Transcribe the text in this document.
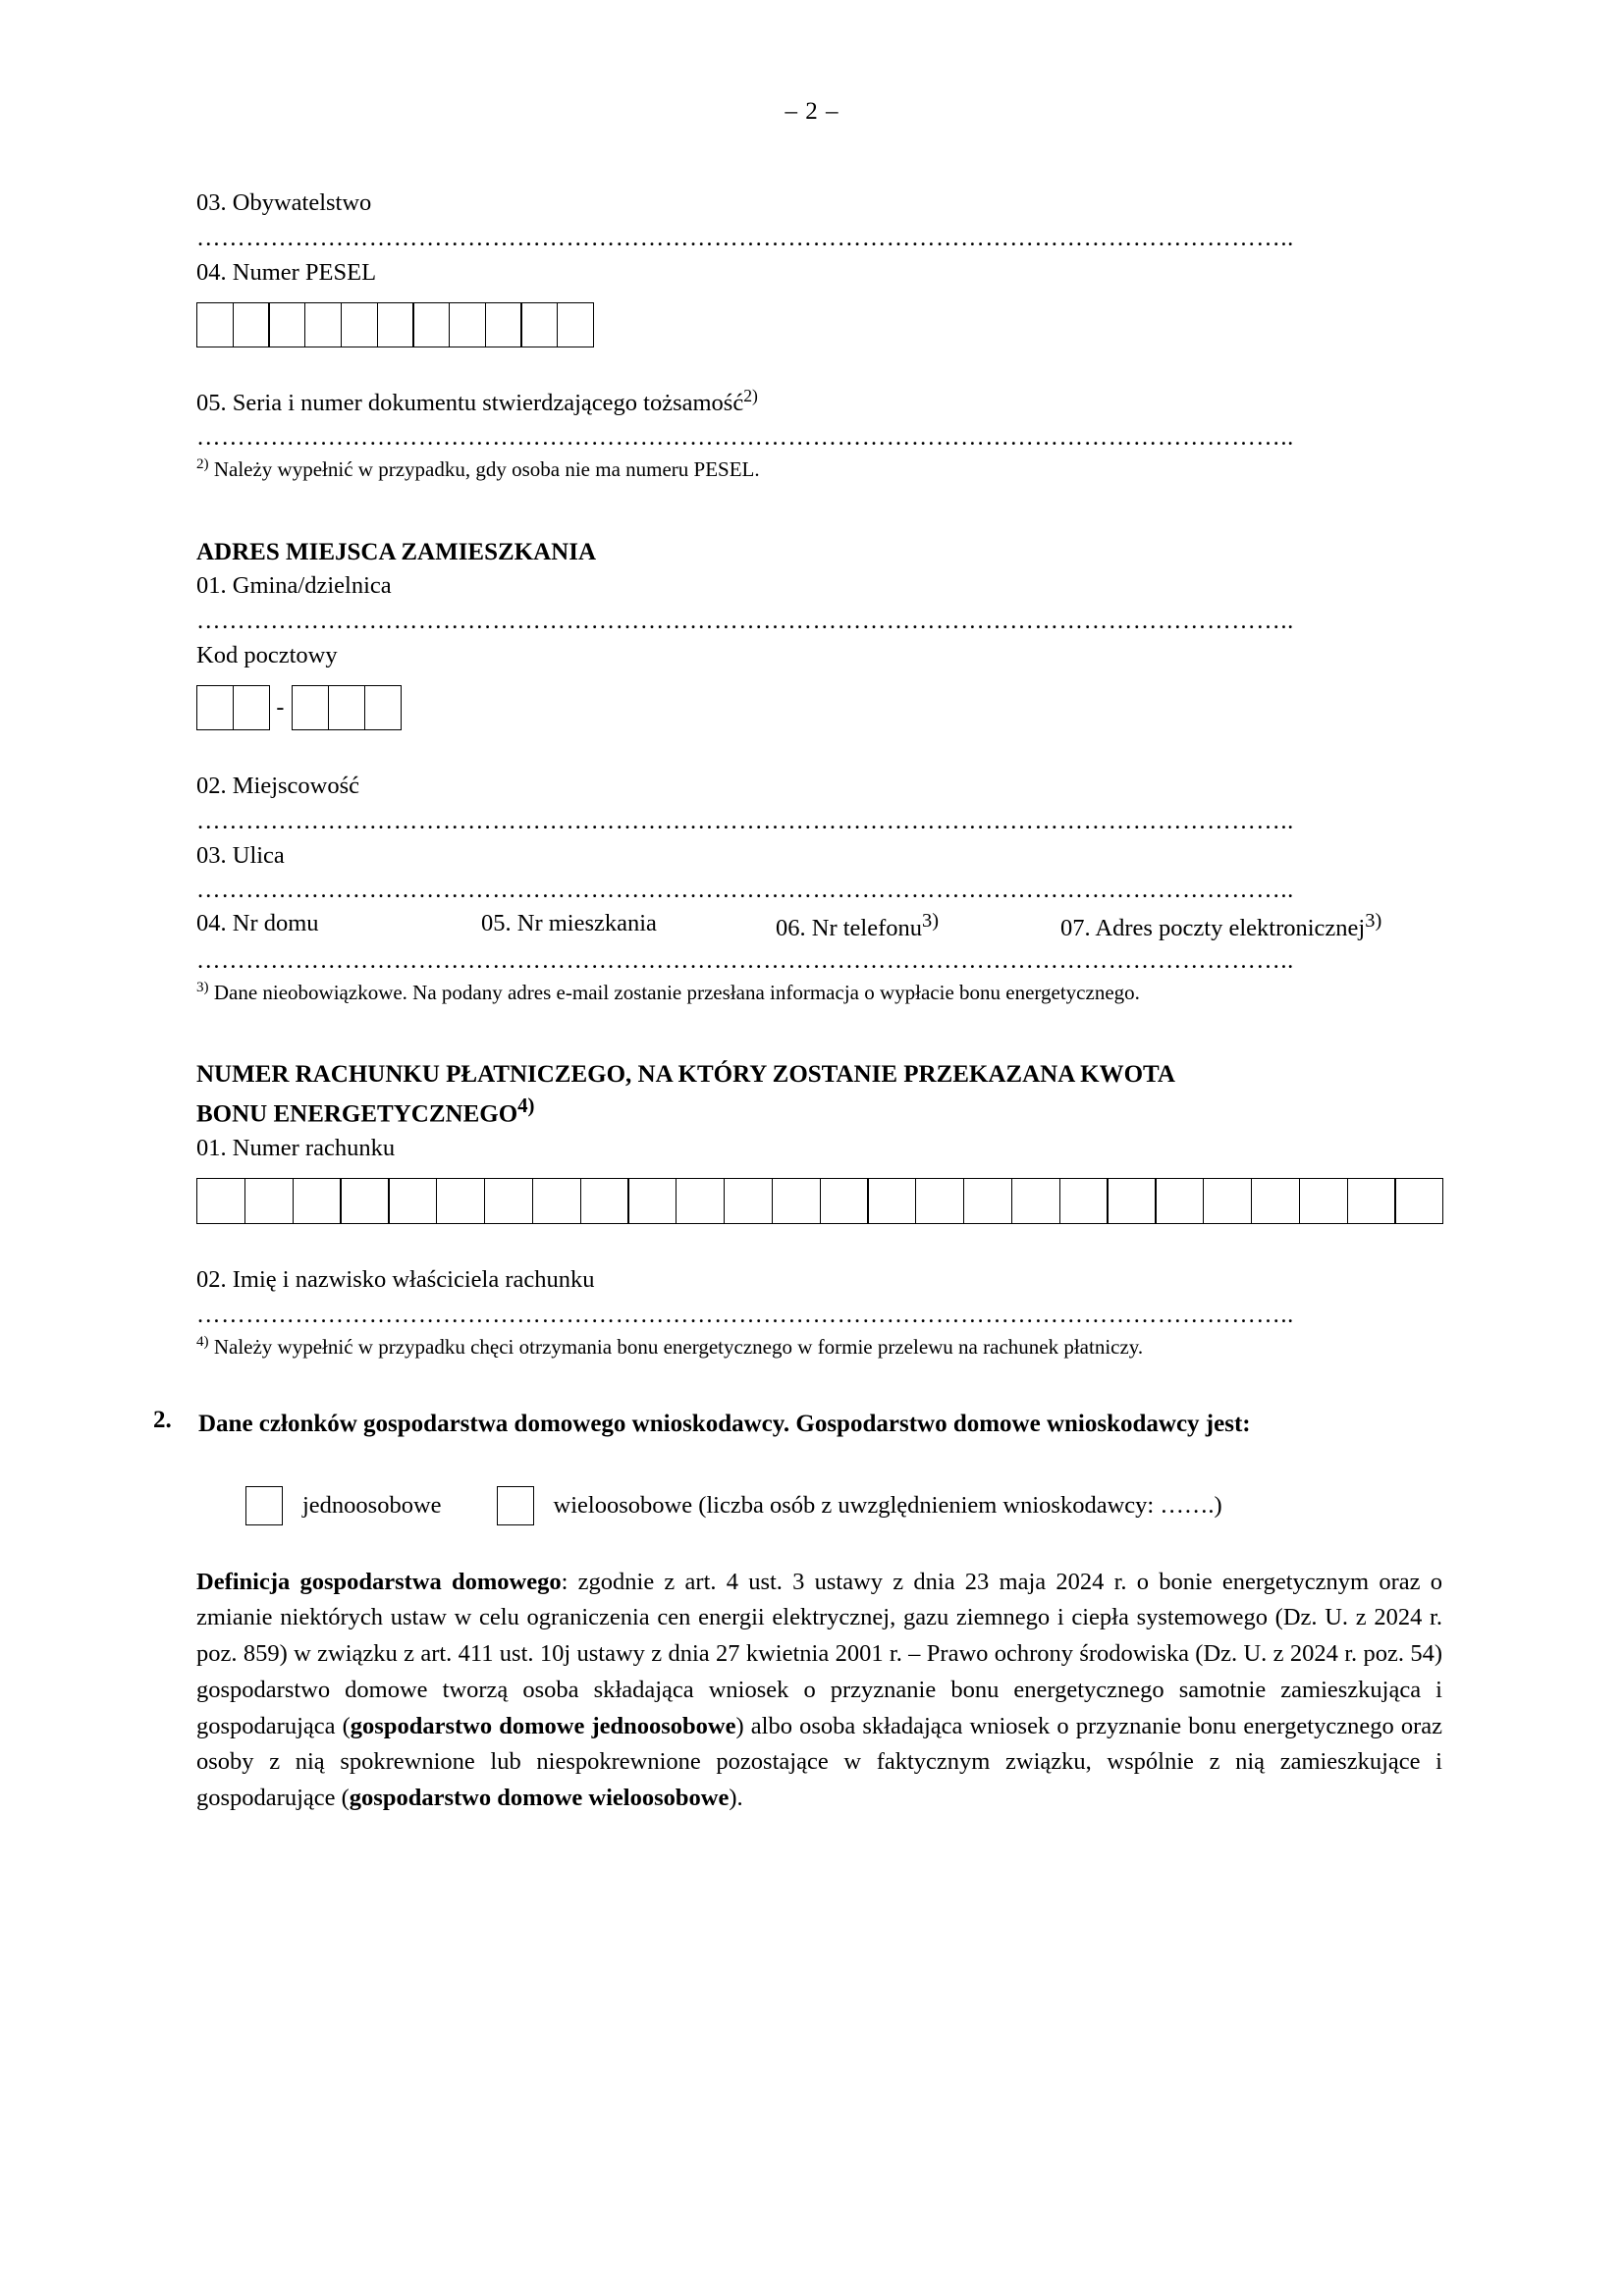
– 2 –

03. Obywatelstwo

……………………………………………………………………………………………………………………..

04. Numer PESEL

05. Seria i numer dokumentu stwierdzającego tożsamość$^{2)}$

……………………………………………………………………………………………………………………..

$^{2)}$ Należy wypełnić w przypadku, gdy osoba nie ma numeru PESEL.

ADRES MIEJSCA ZAMIESZKANIA

01. Gmina/dzielnica

……………………………………………………………………………………………………………………..

Kod pocztowy

-

02. Miejscowość

……………………………………………………………………………………………………………………..

03. Ulica

……………………………………………………………………………………………………………………..
04. Nr domu	05. Nr mieszkania	06. Nr telefonu$^{3)}$	07. Adres poczty elektronicznej$^{3)}$
……………………………………………………………………………………………………………………..

$^{3)}$ Dane nieobowiązkowe. Na podany adres e-mail zostanie przesłana informacja o wypłacie bonu energetycznego.

NUMER RACHUNKU PŁATNICZEGO, NA KTÓRY ZOSTANIE PRZEKAZANA KWOTA
BONU ENERGETYCZNEGO$^{4)}$

01. Numer rachunku

02. Imię i nazwisko właściciela rachunku

……………………………………………………………………………………………………………………..

$^{4)}$ Należy wypełnić w przypadku chęci otrzymania bonu energetycznego w formie przelewu na rachunek płatniczy.

2.	Dane członków gospodarstwa domowego wnioskodawcy. Gospodarstwo domowe wnioskodawcy jest:
jednoosobowe	wieloosobowe (liczba osób z uwzględnieniem wnioskodawcy: …….)
Definicja gospodarstwa domowego: zgodnie z art. 4 ust. 3 ustawy z dnia 23 maja 2024 r. o bonie energetycznym oraz o zmianie niektórych ustaw w celu ograniczenia cen energii elektrycznej, gazu ziemnego i ciepła systemowego (Dz. U. z 2024 r. poz. 859) w związku z art. 411 ust. 10j ustawy z dnia 27 kwietnia 2001 r. – Prawo ochrony środowiska (Dz. U. z 2024 r. poz. 54) gospodarstwo domowe tworzą osoba składająca wniosek o przyznanie bonu energetycznego samotnie zamieszkująca i gospodarująca (gospodarstwo domowe jednoosobowe) albo osoba składająca wniosek o przyznanie bonu energetycznego oraz osoby z nią spokrewnione lub niespokrewnione pozostające w faktycznym związku, wspólnie z nią zamieszkujące i gospodarujące (gospodarstwo domowe wieloosobowe).
